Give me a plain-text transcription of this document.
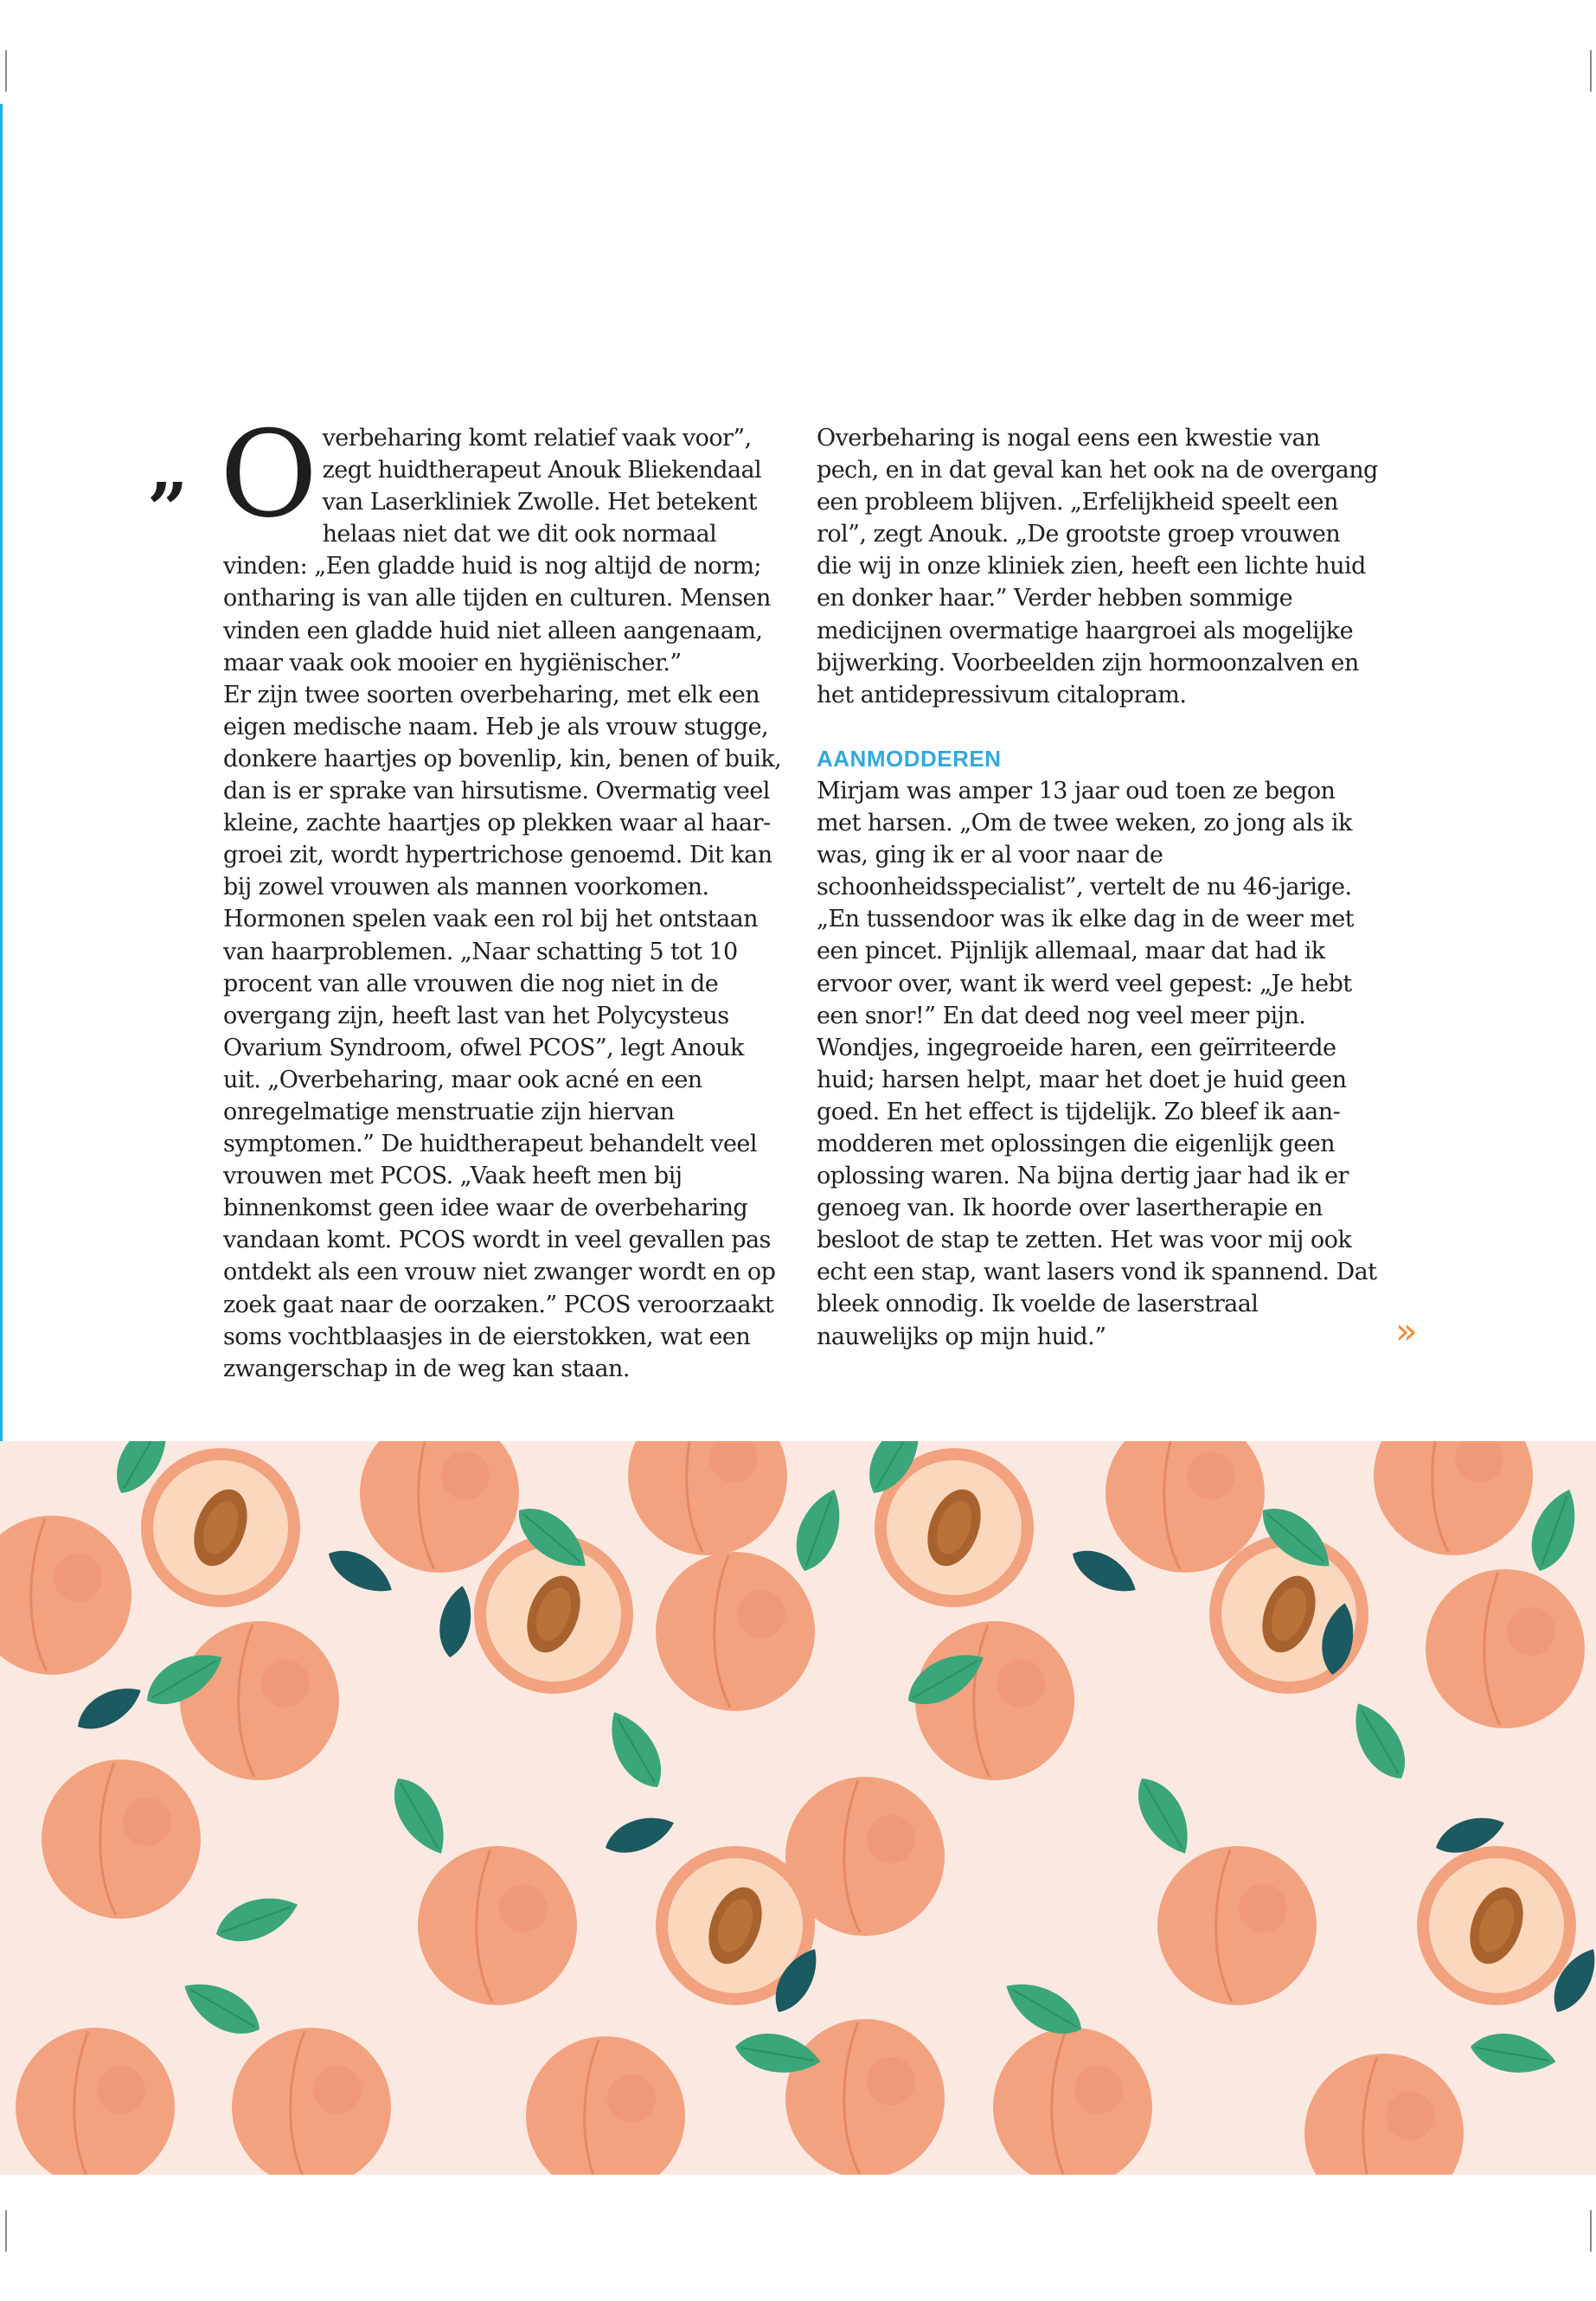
” Overbeharing komt relatief vaak voor”, zegt huidtherapeut Anouk Bliekendaal van Laserkliniek Zwolle. Het betekent helaas niet dat we dit ook normaal vinden: „Een gladde huid is nog altijd de norm; ontharing is van alle tijden en culturen. Mensen vinden een gladde huid niet alleen aangenaam, maar vaak ook mooier en hygiënischer.”

Er zijn twee soorten overbeharing, met elk een eigen medische naam. Heb je als vrouw stugge, donkere haartjes op bovenlip, kin, benen of buik, dan is er sprake van hirsutisme. Overmatig veel kleine, zachte haartjes op plekken waar al haargroei zit, wordt hypertrichose genoemd. Dit kan bij zowel vrouwen als mannen voorkomen. Hormonen spelen vaak een rol bij het ontstaan van haarproblemen. „Naar schatting 5 tot 10 procent van alle vrouwen die nog niet in de overgang zijn, heeft last van het Polycysteus Ovarium Syndroom, ofwel PCOS”, legt Anouk uit. „Overbeharing, maar ook acné en een onregelmatige menstruatie zijn hiervan symptomen.” De huidtherapeut behandelt veel vrouwen met PCOS. „Vaak heeft men bij binnenkomst geen idee waar de overbeharing vandaan komt. PCOS wordt in veel gevallen pas ontdekt als een vrouw niet zwanger wordt en op zoek gaat naar de oorzaken.” PCOS veroorzaakt soms vochtblaasjes in de eierstokken, wat een zwangerschap in de weg kan staan.

Overbeharing is nogal eens een kwestie van pech, en in dat geval kan het ook na de overgang een probleem blijven. „Erfelijkheid speelt een rol”, zegt Anouk. „De grootste groep vrouwen die wij in onze kliniek zien, heeft een lichte huid en donker haar.” Verder hebben sommige medicijnen overmatige haargroei als mogelijke bijwerking. Voorbeelden zijn hormoonzalven en het antidepressivum citalopram.

AANMODDEREN

Mirjam was amper 13 jaar oud toen ze begon met harsen. „Om de twee weken, zo jong als ik was, ging ik er al voor naar de schoonheidsspecialist”, vertelt de nu 46-jarige. „En tussendoor was ik elke dag in de weer met een pincet. Pijnlijk allemaal, maar dat had ik ervoor over, want ik werd veel gepest: „Je hebt een snor!” En dat deed nog veel meer pijn.

Wondjes, ingegroeide haren, een geïrriteerde huid; harsen helpt, maar het doet je huid geen goed. En het effect is tijdelijk. Zo bleef ik aanmodderen met oplossingen die eigenlijk geen oplossing waren. Na bijna dertig jaar had ik er genoeg van. Ik hoorde over lasertherapie en besloot de stap te zetten. Het was voor mij ook echt een stap, want lasers vond ik spannend. Dat bleek onnodig. Ik voelde de laserstraal nauwelijks op mijn huid.”	»
